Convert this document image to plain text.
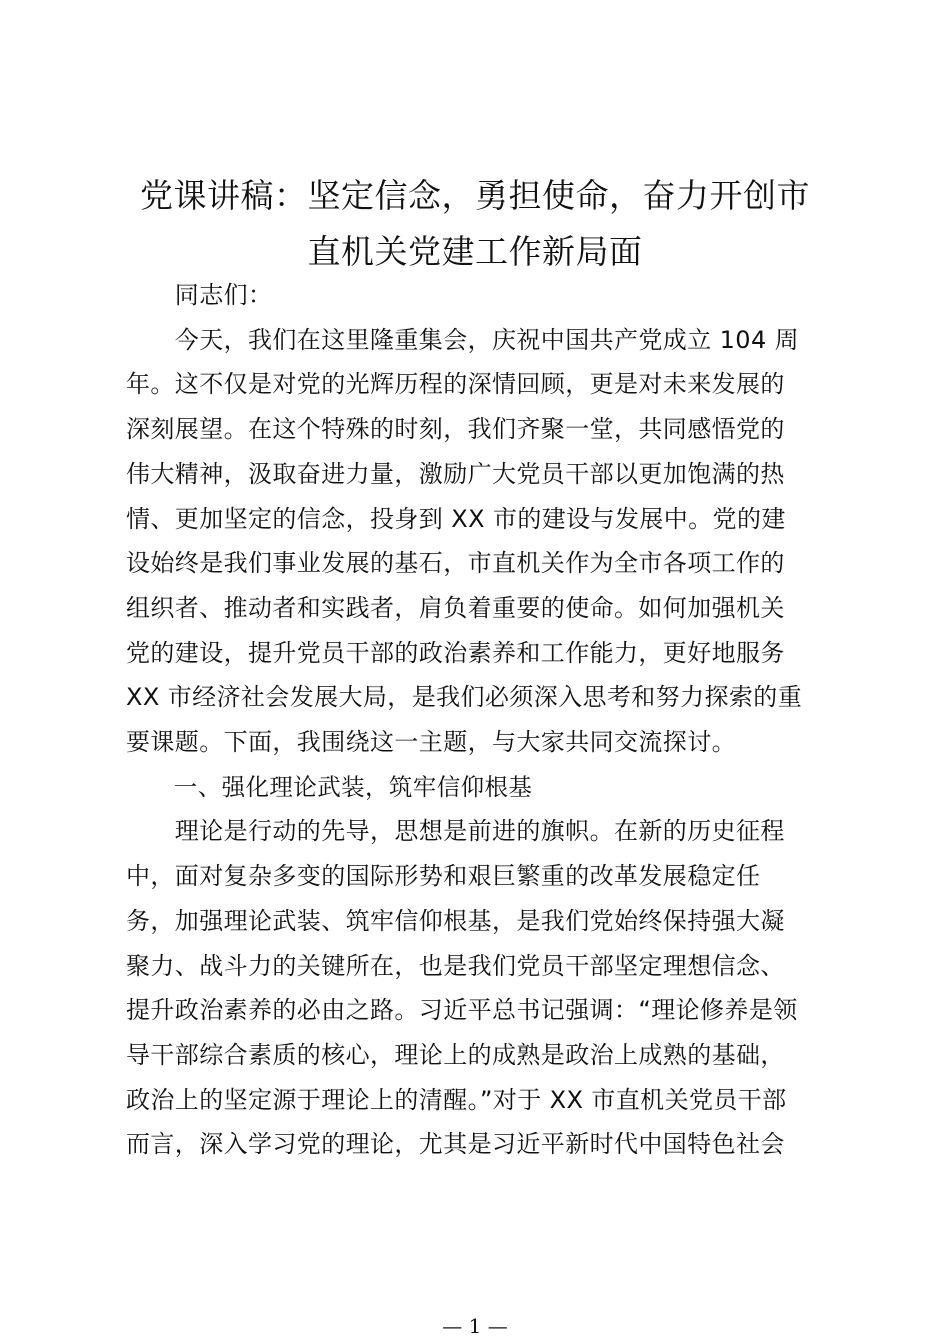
党课讲稿：坚定信念，勇担使命，奋力开创市
直机关党建工作新局面

　　同志们：

　　今天，我们在这里隆重集会，庆祝中国共产党成立 104 周

年。这不仅是对党的光辉历程的深情回顾，更是对未来发展的

深刻展望。在这个特殊的时刻，我们齐聚一堂，共同感悟党的

伟大精神，汲取奋进力量，激励广大党员干部以更加饱满的热

情、更加坚定的信念，投身到 XX 市的建设与发展中。党的建

设始终是我们事业发展的基石，市直机关作为全市各项工作的

组织者、推动者和实践者，肩负着重要的使命。如何加强机关

党的建设，提升党员干部的政治素养和工作能力，更好地服务

XX 市经济社会发展大局，是我们必须深入思考和努力探索的重

要课题。下面，我围绕这一主题，与大家共同交流探讨。

　　一、强化理论武装，筑牢信仰根基

　　理论是行动的先导，思想是前进的旗帜。在新的历史征程

中，面对复杂多变的国际形势和艰巨繁重的改革发展稳定任

务，加强理论武装、筑牢信仰根基，是我们党始终保持强大凝

聚力、战斗力的关键所在，也是我们党员干部坚定理想信念、

提升政治素养的必由之路。习近平总书记强调：“理论修养是领

导干部综合素质的核心，理论上的成熟是政治上成熟的基础，

政治上的坚定源于理论上的清醒。”对于 XX 市直机关党员干部

而言，深入学习党的理论，尤其是习近平新时代中国特色社会

— 1 —
